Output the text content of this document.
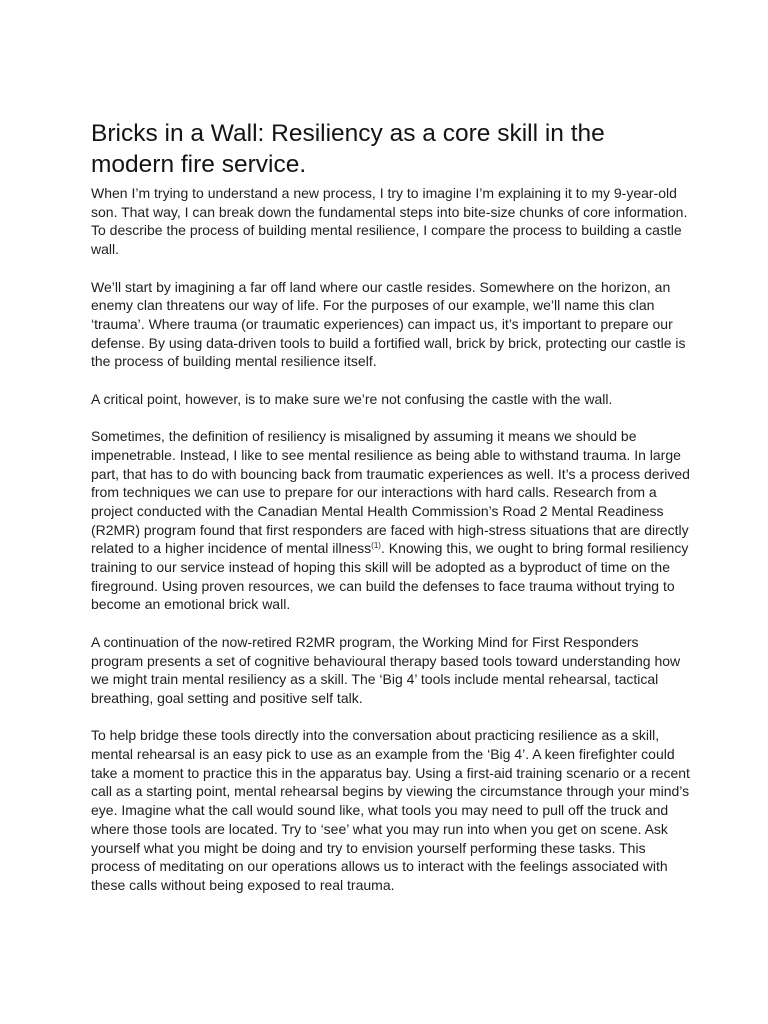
Bricks in a Wall: Resiliency as a core skill in the modern fire service.

When I’m trying to understand a new process, I try to imagine I’m explaining it to my 9-year-old son. That way, I can break down the fundamental steps into bite-size chunks of core information. To describe the process of building mental resilience, I compare the process to building a castle wall.

We’ll start by imagining a far off land where our castle resides. Somewhere on the horizon, an enemy clan threatens our way of life. For the purposes of our example, we’ll name this clan ‘trauma’. Where trauma (or traumatic experiences) can impact us, it’s important to prepare our defense. By using data-driven tools to build a fortified wall, brick by brick, protecting our castle is the process of building mental resilience itself.

A critical point, however, is to make sure we’re not confusing the castle with the wall.

Sometimes, the definition of resiliency is misaligned by assuming it means we should be impenetrable. Instead, I like to see mental resilience as being able to withstand trauma. In large part, that has to do with bouncing back from traumatic experiences as well. It’s a process derived from techniques we can use to prepare for our interactions with hard calls. Research from a project conducted with the Canadian Mental Health Commission’s Road 2 Mental Readiness (R2MR) program found that first responders are faced with high-stress situations that are directly related to a higher incidence of mental illness$^{(1)}$. Knowing this, we ought to bring formal resiliency training to our service instead of hoping this skill will be adopted as a byproduct of time on the fireground. Using proven resources, we can build the defenses to face trauma without trying to become an emotional brick wall.

A continuation of the now-retired R2MR program, the Working Mind for First Responders program presents a set of cognitive behavioural therapy based tools toward understanding how we might train mental resiliency as a skill. The ‘Big 4’ tools include mental rehearsal, tactical breathing, goal setting and positive self talk.

To help bridge these tools directly into the conversation about practicing resilience as a skill, mental rehearsal is an easy pick to use as an example from the ‘Big 4’. A keen firefighter could take a moment to practice this in the apparatus bay. Using a first-aid training scenario or a recent call as a starting point, mental rehearsal begins by viewing the circumstance through your mind’s eye. Imagine what the call would sound like, what tools you may need to pull off the truck and where those tools are located. Try to ‘see’ what you may run into when you get on scene. Ask yourself what you might be doing and try to envision yourself performing these tasks. This process of meditating on our operations allows us to interact with the feelings associated with these calls without being exposed to real trauma.
